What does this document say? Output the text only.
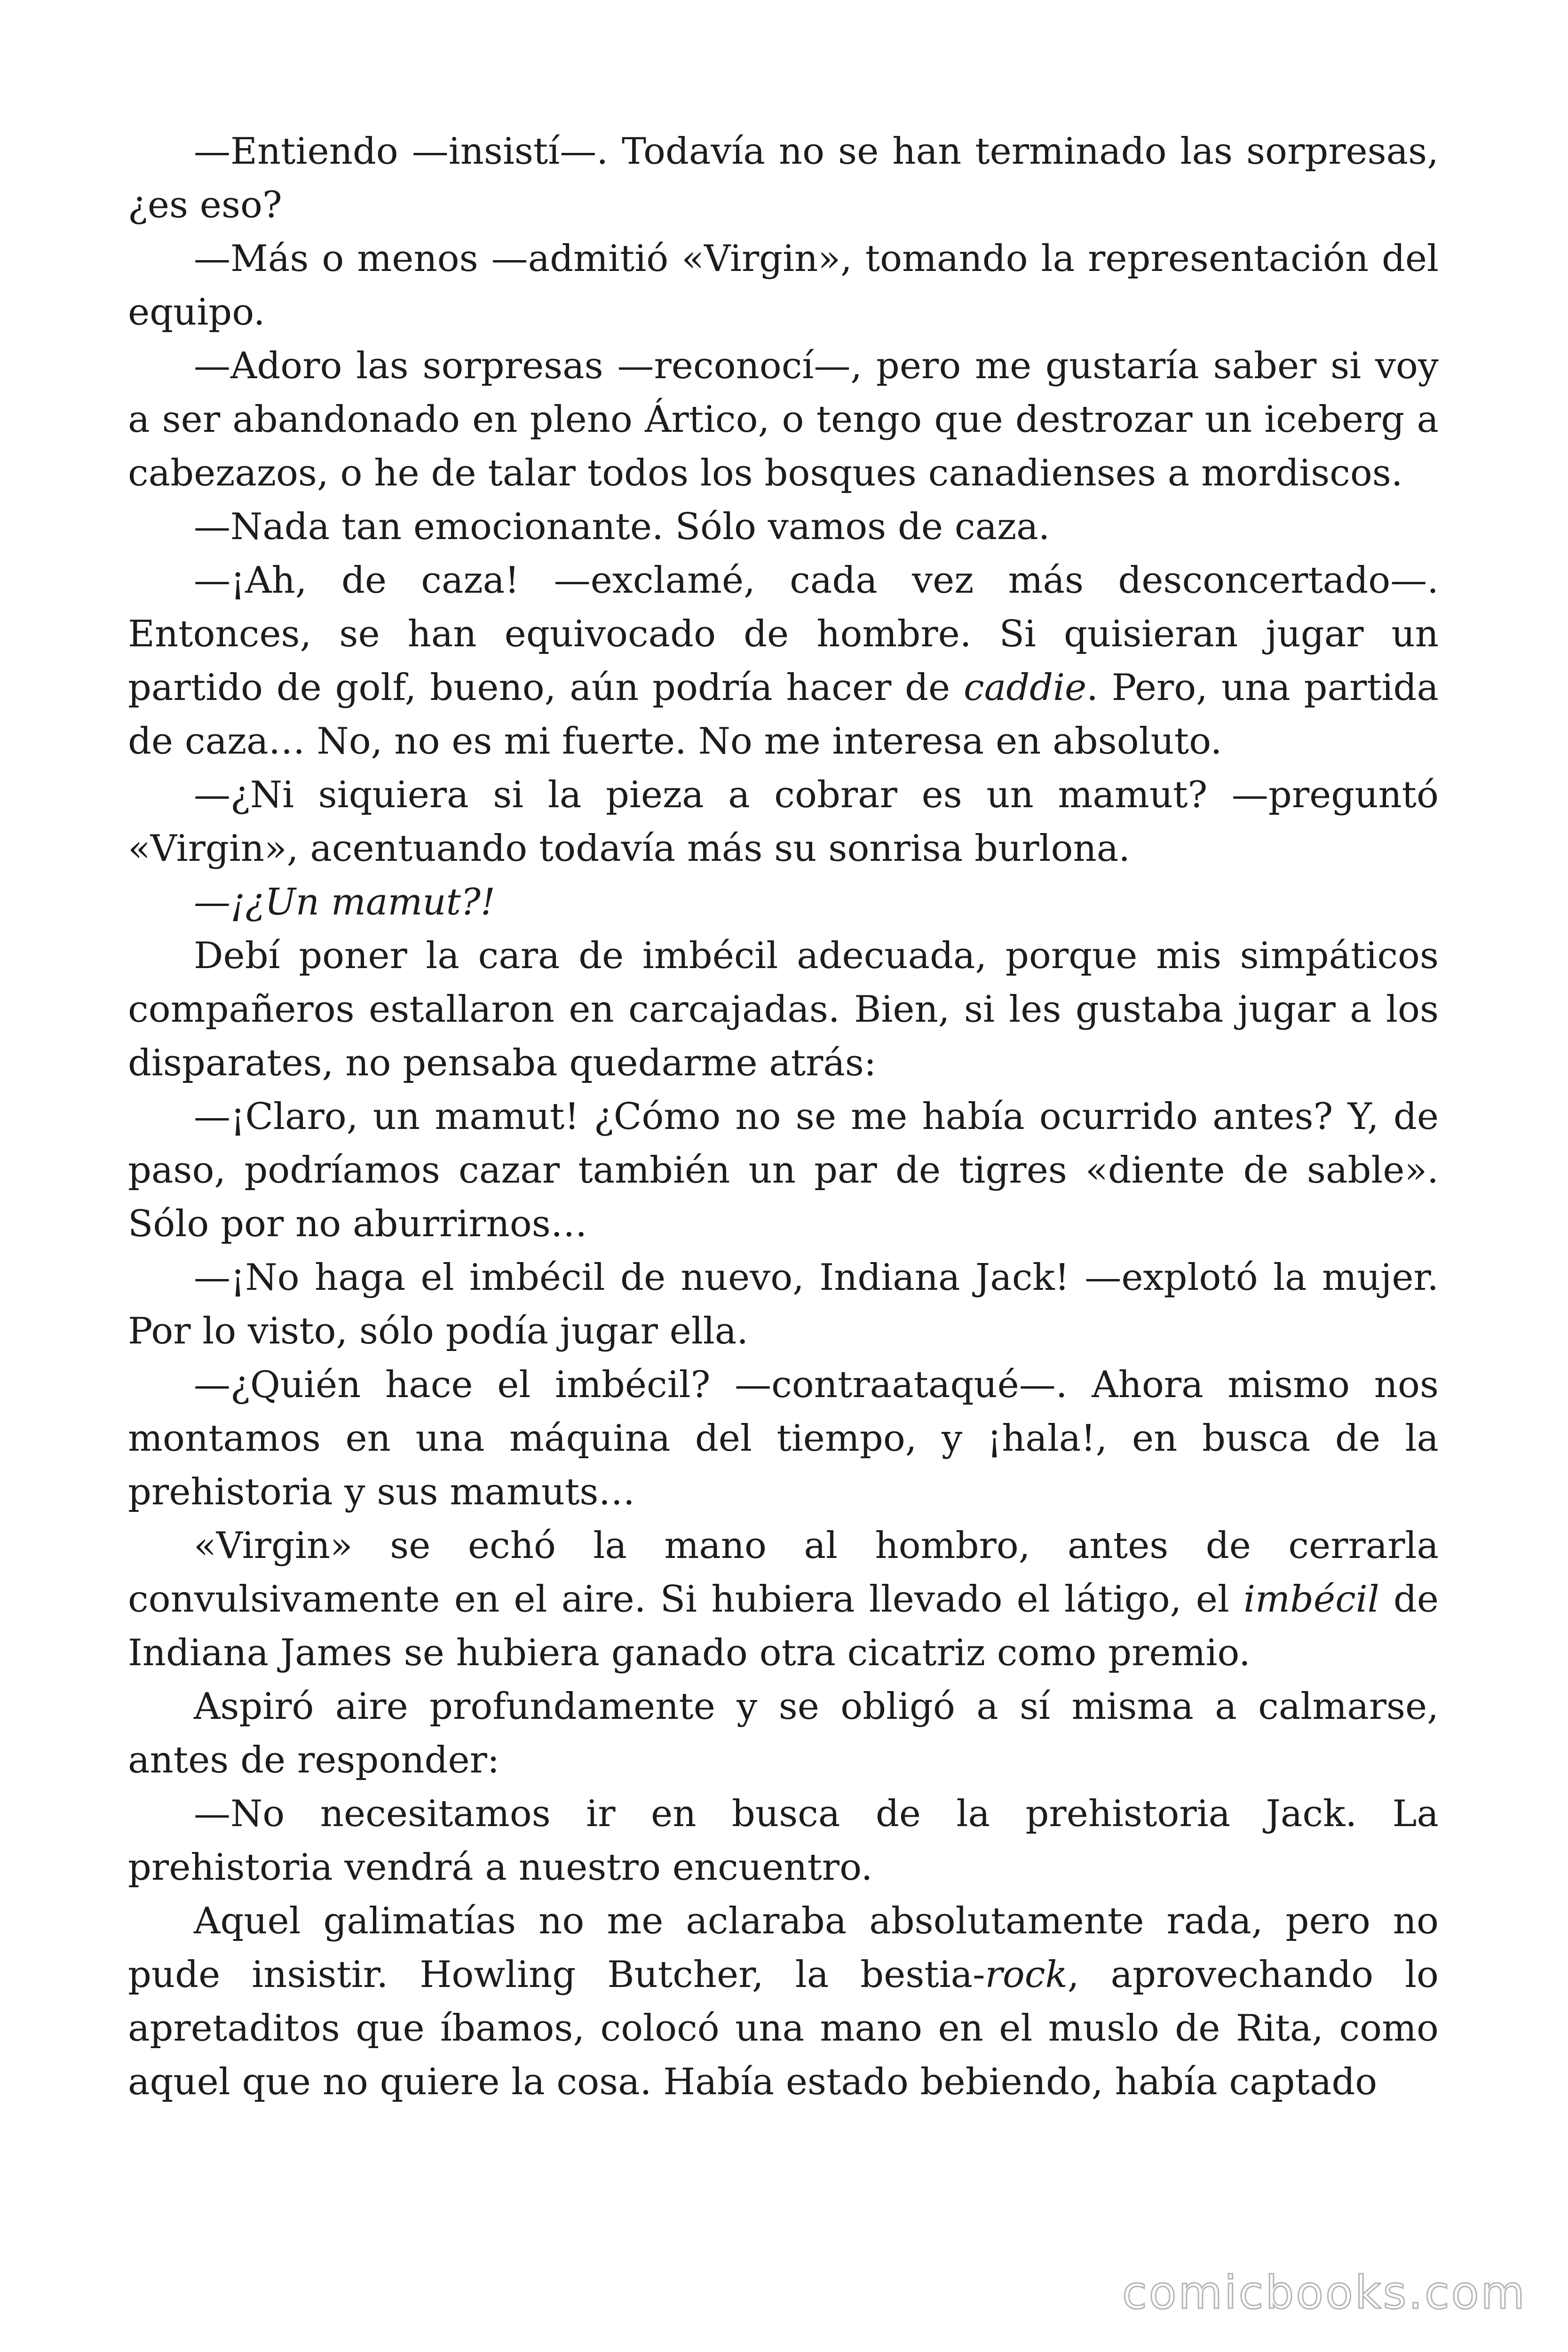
—Entiendo —insistí—. Todavía no se han terminado las sorpresas, ¿es eso?

—Más o menos —admitió «Virgin», tomando la representación del equipo.

—Adoro las sorpresas —reconocí—, pero me gustaría saber si voy a ser abandonado en pleno Ártico, o tengo que destrozar un iceberg a cabezazos, o he de talar todos los bosques canadienses a mordiscos.

—Nada tan emocionante. Sólo vamos de caza.

—¡Ah, de caza! —exclamé, cada vez más desconcertado—. Entonces, se han equivocado de hombre. Si quisieran jugar un partido de golf, bueno, aún podría hacer de caddie. Pero, una partida de caza… No, no es mi fuerte. No me interesa en absoluto.

—¿Ni siquiera si la pieza a cobrar es un mamut? —preguntó «Virgin», acentuando todavía más su sonrisa burlona.

—¡¿Un mamut?!

Debí poner la cara de imbécil adecuada, porque mis simpáticos compañeros estallaron en carcajadas. Bien, si les gustaba jugar a los disparates, no pensaba quedarme atrás:

—¡Claro, un mamut! ¿Cómo no se me había ocurrido antes? Y, de paso, podríamos cazar también un par de tigres «diente de sable». Sólo por no aburrirnos…

—¡No haga el imbécil de nuevo, Indiana Jack! —explotó la mujer. Por lo visto, sólo podía jugar ella.

—¿Quién hace el imbécil? —contraataqué—. Ahora mismo nos montamos en una máquina del tiempo, y ¡hala!, en busca de la prehistoria y sus mamuts…

«Virgin» se echó la mano al hombro, antes de cerrarla convulsivamente en el aire. Si hubiera llevado el látigo, el imbécil de Indiana James se hubiera ganado otra cicatriz como premio.

Aspiró aire profundamente y se obligó a sí misma a calmarse, antes de responder:

—No necesitamos ir en busca de la prehistoria Jack. La prehistoria vendrá a nuestro encuentro.

Aquel galimatías no me aclaraba absolutamente rada, pero no pude insistir. Howling Butcher, la bestia-rock, aprovechando lo apretaditos que íbamos, colocó una mano en el muslo de Rita, como aquel que no quiere la cosa. Había estado bebiendo, había captado

comicbooks.com
